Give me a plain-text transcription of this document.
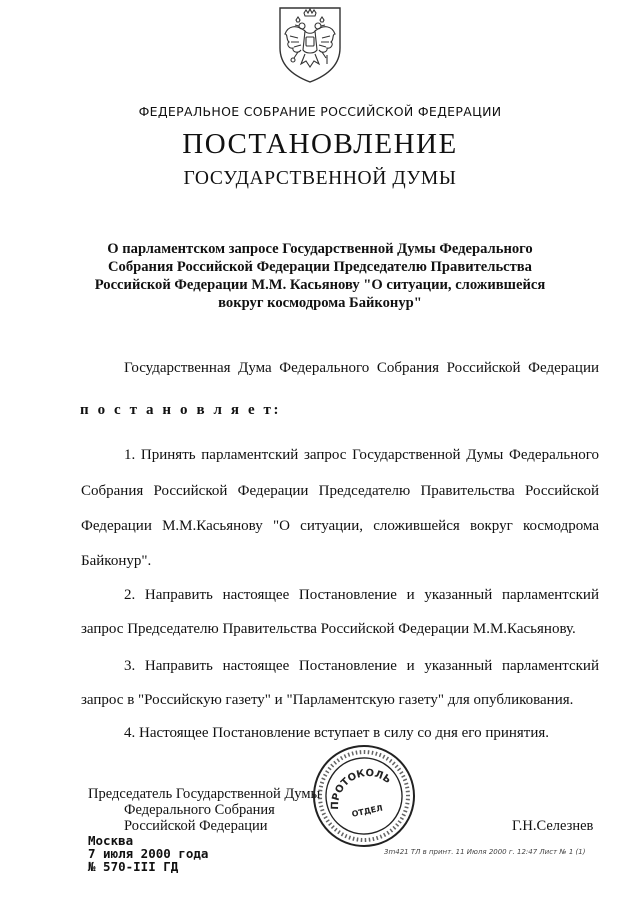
ФЕДЕРАЛЬНОЕ СОБРАНИЕ РОССИЙСКОЙ ФЕДЕРАЦИИ
ПОСТАНОВЛЕНИЕ
ГОСУДАРСТВЕННОЙ ДУМЫ
О парламентском запросе Государственной Думы Федерального
Собрания Российской Федерации Председателю Правительства
Российской Федерации М.М. Касьянову "О ситуации, сложившейся
вокруг космодрома Байконур"
Государственная Дума Федерального Собрания Российской Федерации
п о с т а н о в л я е т:
1. Принять парламентский запрос Государственной Думы Федерального
Собрания Российской Федерации Председателю Правительства Российской
Федерации М.М.Касьянову "О ситуации, сложившейся вокруг космодрома
Байконур".
2. Направить настоящее Постановление и указанный парламентский
запрос Председателю Правительства Российской Федерации М.М.Касьянову.
3. Направить настоящее Постановление и указанный парламентский
запрос в "Российскую газету" и "Парламентскую газету" для опубликования.
4. Настоящее Постановление вступает в силу со дня его принятия.
Председатель Государственной Думы
Федерального Собрания
Российской Федерации	Г.Н.Селезнев
ПРОТОКОЛЬНЫЙ
ОТДЕЛ
Москва
7 июля 2000 года
№ 570-III ГД
3m421 ТЛ в принт. 11 Июля 2000 г. 12:47 Лист № 1 (1)
